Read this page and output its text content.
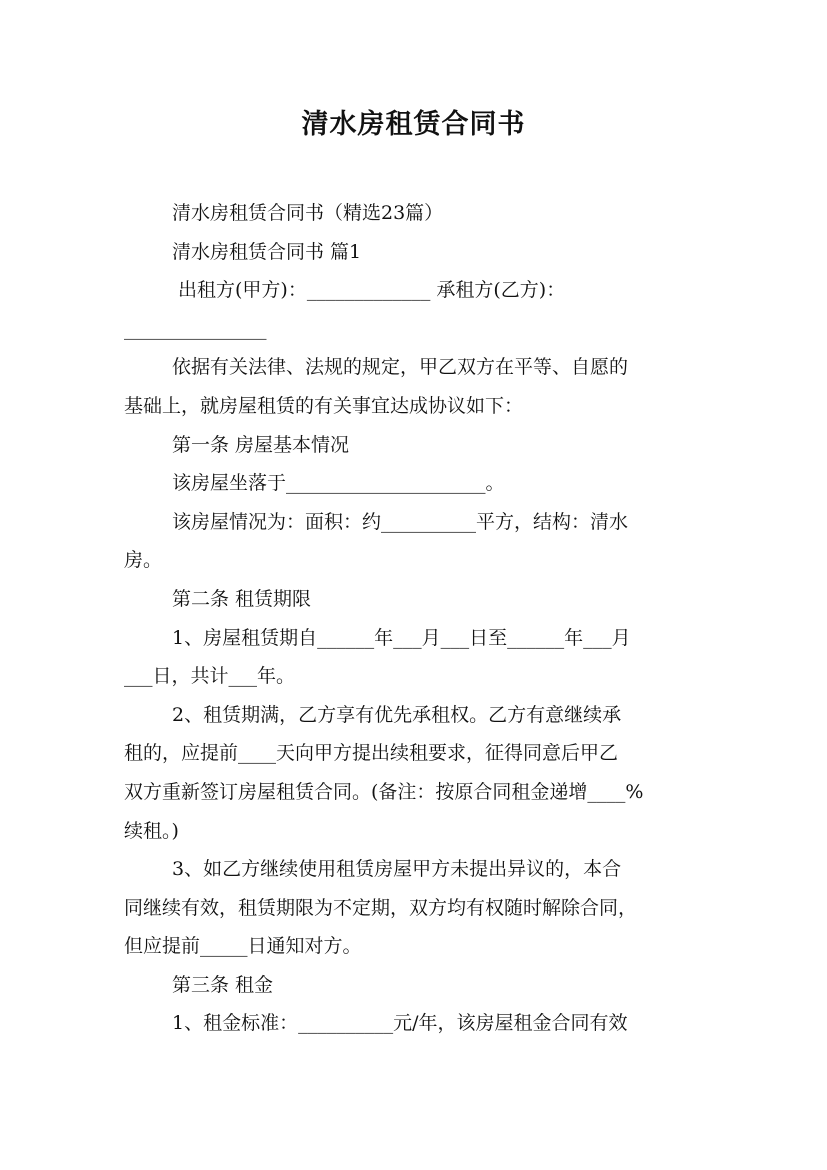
清水房租赁合同书
清水房租赁合同书（精选23篇）
清水房租赁合同书 篇1
出租方(甲方)：_____________ 承租方(乙方)：
_______________
依据有关法律、法规的规定，甲乙双方在平等、自愿的
基础上，就房屋租赁的有关事宜达成协议如下：
第一条 房屋基本情况
该房屋坐落于_____________________。
该房屋情况为：面积：约__________平方，结构：清水
房。
第二条 租赁期限
1、房屋租赁期自______年___月___日至______年___月
___日，共计___年。
2、租赁期满，乙方享有优先承租权。乙方有意继续承
租的，应提前____天向甲方提出续租要求，征得同意后甲乙
双方重新签订房屋租赁合同。(备注：按原合同租金递增____%
续租。)
3、如乙方继续使用租赁房屋甲方未提出异议的，本合
同继续有效，租赁期限为不定期，双方均有权随时解除合同，
但应提前_____日通知对方。
第三条 租金
1、租金标准：__________元/年，该房屋租金合同有效
